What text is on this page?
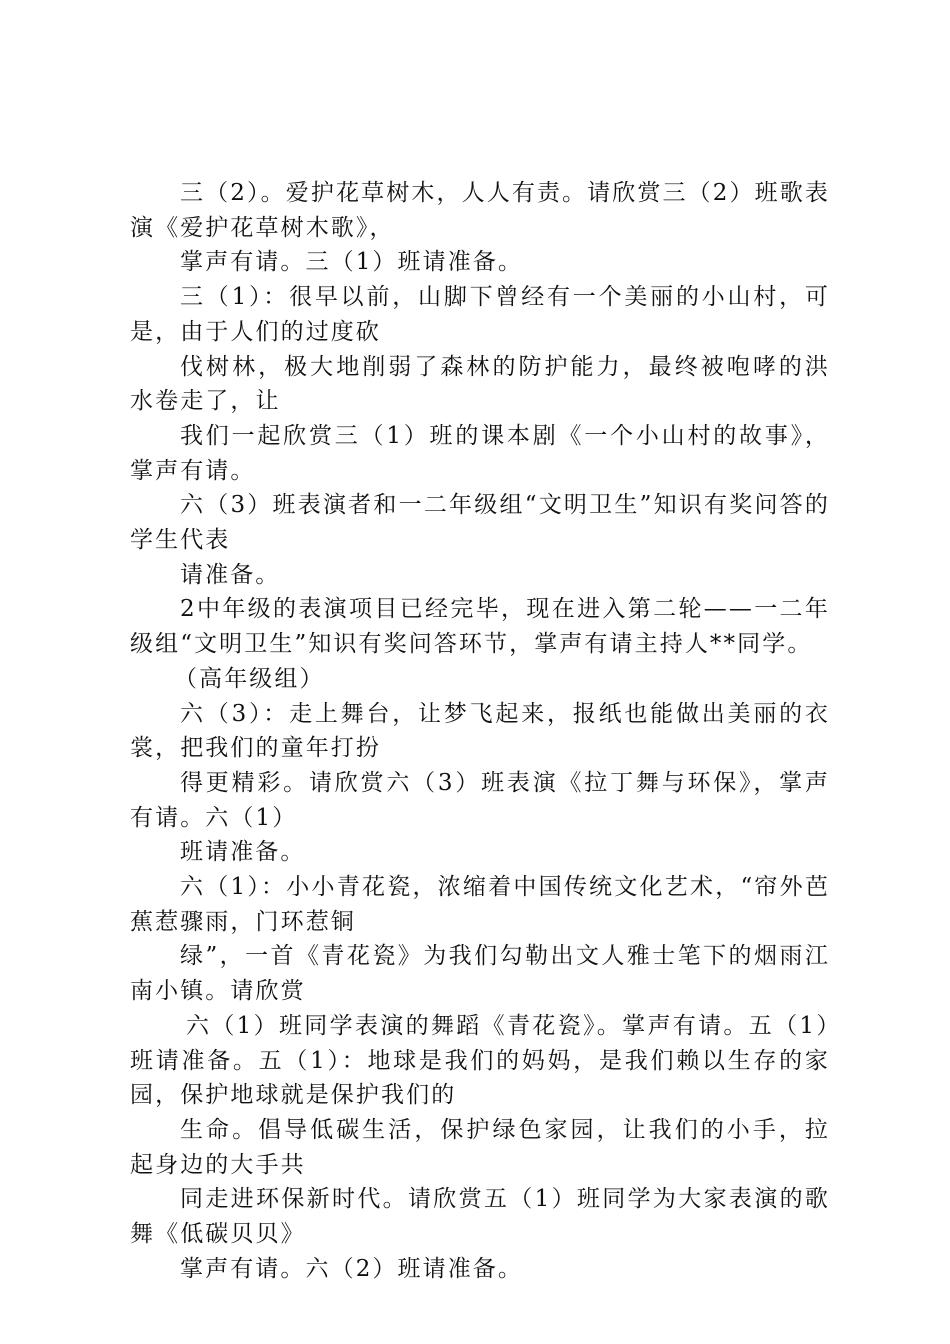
三（2）。爱护花草树木，人人有责。请欣赏三（2）班歌表演《爱护花草树木歌》，

掌声有请。三（1）班请准备。

三（1）：很早以前，山脚下曾经有一个美丽的小山村，可是，由于人们的过度砍

伐树林，极大地削弱了森林的防护能力，最终被咆哮的洪水卷走了，让

我们一起欣赏三（1）班的课本剧《一个小山村的故事》，掌声有请。

六（3）班表演者和一二年级组“文明卫生”知识有奖问答的学生代表

请准备。

2中年级的表演项目已经完毕，现在进入第二轮——一二年级组“文明卫生”知识有奖问答环节，掌声有请主持人**同学。

（高年级组）

六（3）：走上舞台，让梦飞起来，报纸也能做出美丽的衣裳，把我们的童年打扮

得更精彩。请欣赏六（3）班表演《拉丁舞与环保》，掌声有请。六（1）

班请准备。

六（1）：小小青花瓷，浓缩着中国传统文化艺术，“帘外芭蕉惹骤雨，门环惹铜

绿”，一首《青花瓷》为我们勾勒出文人雅士笔下的烟雨江南小镇。请欣赏

六（1）班同学表演的舞蹈《青花瓷》。掌声有请。五（1）班请准备。五（1）：地球是我们的妈妈，是我们赖以生存的家园，保护地球就是保护我们的

生命。倡导低碳生活，保护绿色家园，让我们的小手，拉起身边的大手共

同走进环保新时代。请欣赏五（1）班同学为大家表演的歌舞《低碳贝贝》

掌声有请。六（2）班请准备。
